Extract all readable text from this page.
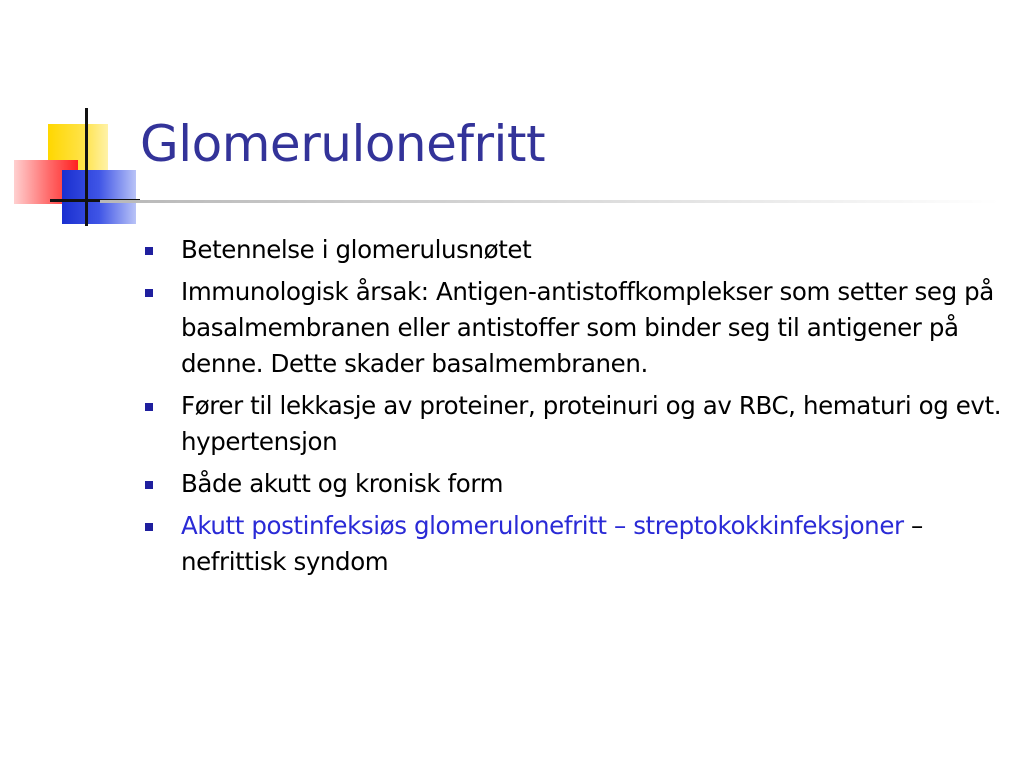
Glomerulonefritt
Betennelse i glomerulusnøtet
Immunologisk årsak: Antigen-antistoffkomplekser som setter seg på basalmembranen eller antistoffer som binder seg til antigener på denne. Dette skader basalmembranen.
Fører til lekkasje av proteiner, proteinuri og av RBC, hematuri og evt. hypertensjon
Både akutt og kronisk form
Akutt postinfeksiøs glomerulonefritt – streptokokkinfeksjoner – nefrittisk syndom
